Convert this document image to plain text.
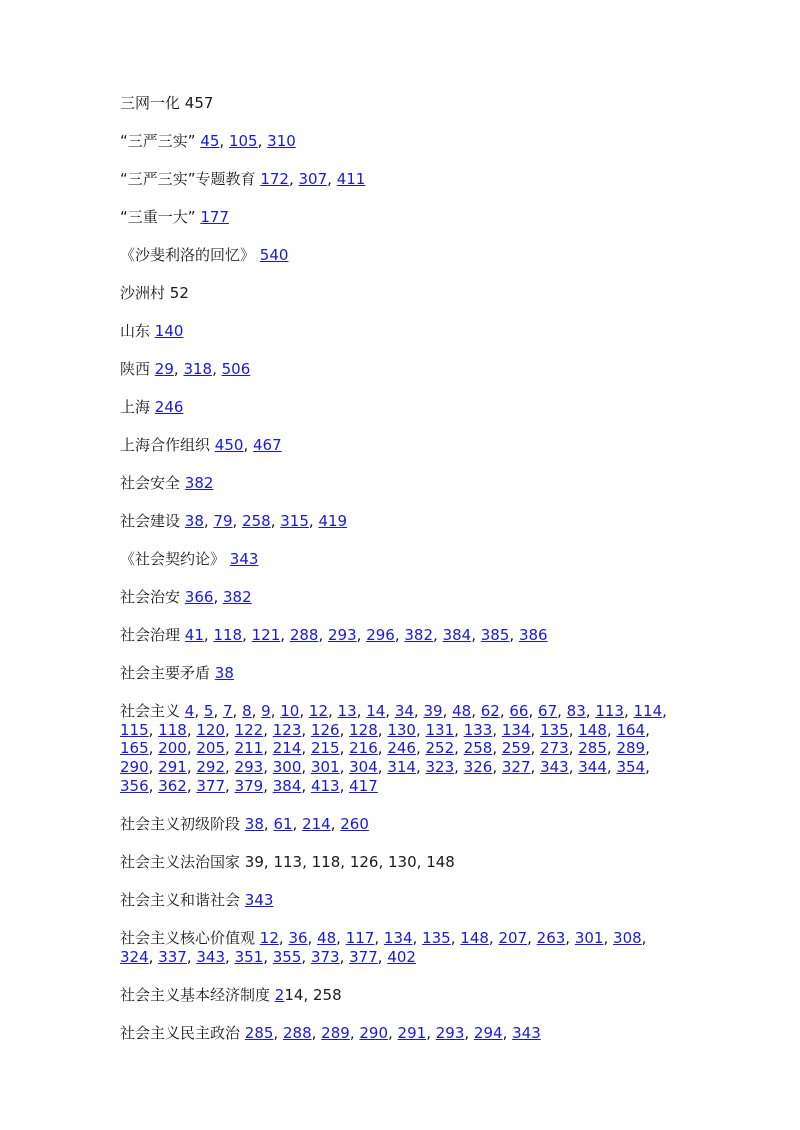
三网一化 457
“三严三实” 45, 105, 310
“三严三实”专题教育 172, 307, 411
“三重一大” 177
《沙斐利洛的回忆》 540
沙洲村 52
山东 140
陕西 29, 318, 506
上海 246
上海合作组织 450, 467
社会安全 382
社会建设 38, 79, 258, 315, 419
《社会契约论》 343
社会治安 366, 382
社会治理 41, 118, 121, 288, 293, 296, 382, 384, 385, 386
社会主要矛盾 38
社会主义 4, 5, 7, 8, 9, 10, 12, 13, 14, 34, 39, 48, 62, 66, 67, 83, 113, 114, 115, 118, 120, 122, 123, 126, 128, 130, 131, 133, 134, 135, 148, 164, 165, 200, 205, 211, 214, 215, 216, 246, 252, 258, 259, 273, 285, 289, 290, 291, 292, 293, 300, 301, 304, 314, 323, 326, 327, 343, 344, 354, 356, 362, 377, 379, 384, 413, 417
社会主义初级阶段 38, 61, 214, 260
社会主义法治国家 39, 113, 118, 126, 130, 148
社会主义和谐社会 343
社会主义核心价值观 12, 36, 48, 117, 134, 135, 148, 207, 263, 301, 308, 324, 337, 343, 351, 355, 373, 377, 402
社会主义基本经济制度 214, 258
社会主义民主政治 285, 288, 289, 290, 291, 293, 294, 343
